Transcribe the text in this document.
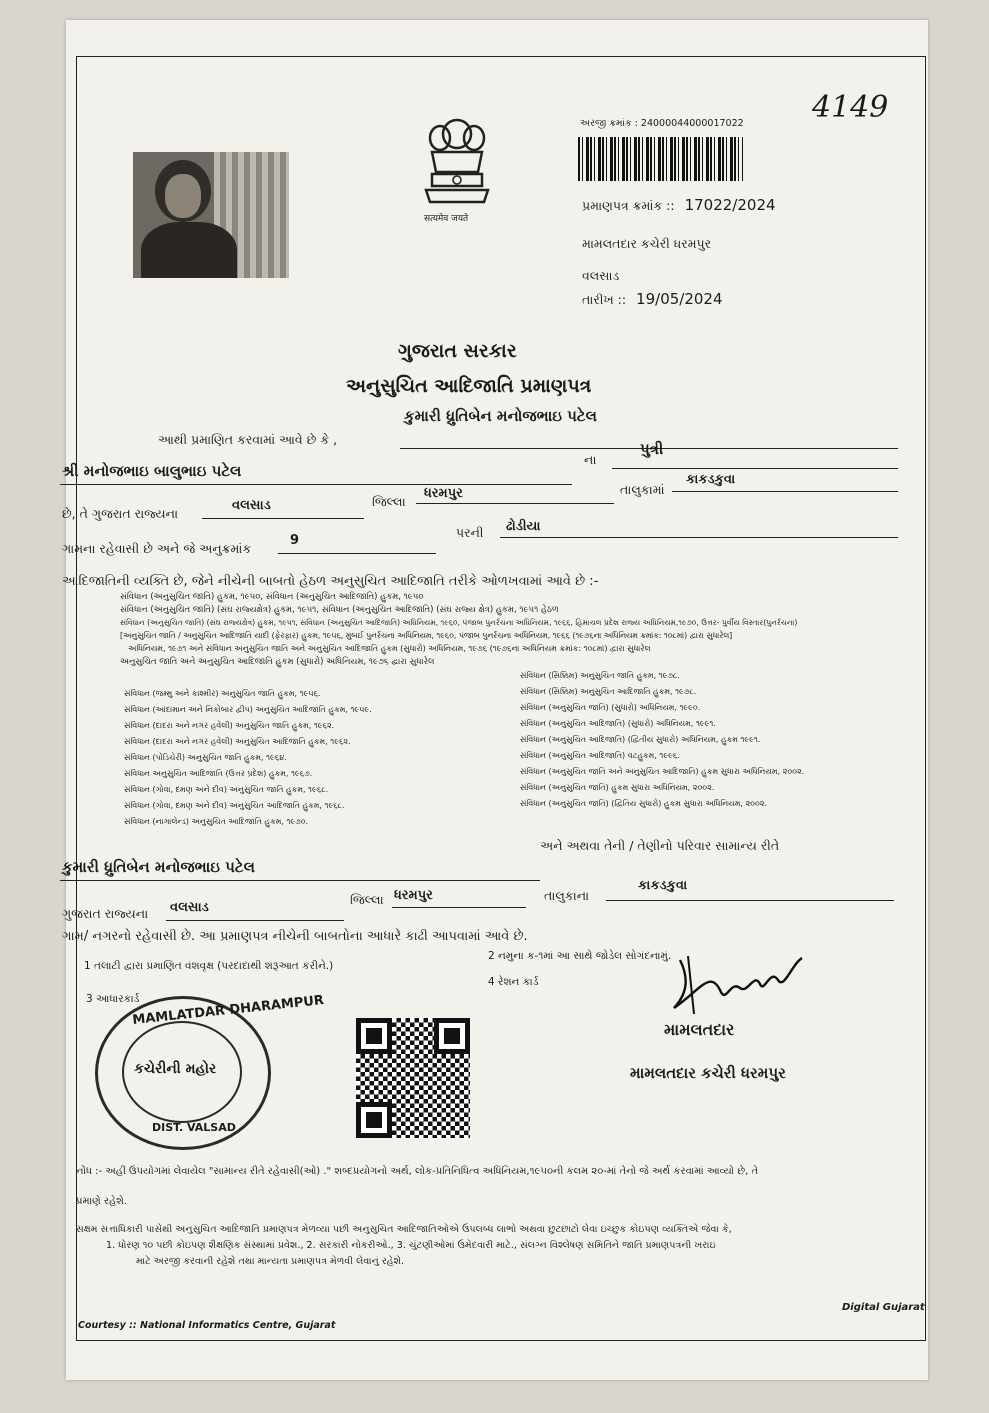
4149
सत्यमेव जयते
અરજી ક્રમાંક : 24000044000017022
પ્રમાણપત્ર ક્રમાંક :: 17022/2024
મામલતદાર કચેરી ધરમપુર
વલસાડ
તારીખ :: 19/05/2024
ગુજરાત સરકાર
અનુસુચિત આદિજાતિ પ્રમાણપત્ર
આથી પ્રમાણિત કરવામાં આવે છે કે ,
કુમારી ધ્રુતિબેન મનોજભાઇ પટેલ
શ્રી મનોજભાઇ બાલુભાઇ પટેલ
ના
પુત્રી
છે, તે ગુજરાત રાજ્યના
વલસાડ	જિલ્લા
ધરમપુર	તાલુકામાં
કાકડકુવા
ગામના રહેવાસી છે અને જે અનુક્રમાંક
9
પરની ઢોડીયા
આદિજાતિની વ્યક્તિ છે, જેને નીચેની બાબતો હેઠળ અનુસુચિત આદિજાતિ તરીકે ઓળખવામાં આવે છે :-
સંવિધાન (અનુસુચિત જાતિ) હુકમ, ૧૯૫૦, સંવિધાન (અનુસુચિત આદિજાતિ) હુકમ, ૧૯૫૦
સંવિધાન (અનુસુચિત જાતિ) (સંઘ રાજ્યક્ષેત્ર) હુકમ, ૧૯૫૧, સંવિધાન (અનુસુચિત આદિજાતિ) (સંઘ રાજ્ય ક્ષેત્ર) હુકમ, ૧૯૫૧ હેઠળ
સંવિધાન (અનુસુચિત જાતિ) (સંઘ રાજ્યક્ષેત્ર) હુકમ, ૧૯૫૧, સંવિધાન (અનુસુચિત આદિજાતિ) અધિનિયમ, ૧૯૬૦, પંજાબ પુનર્રચના અધિનિયમ, ૧૯૬૬, હિમાચલ પ્રદેશ રાજ્ય અધિનિયમ,૧૯૭૦, ઉત્તર- પુર્વીય વિસ્તાર(પુનર્રચના)
[અનુસુચિત જાતિ / અનુસુચિત આદિજાતિ યાદી (ફેરફાર) હુકમ, ૧૯૫૬, મુંબઈ પુનર્રચના અધિનિયમ, ૧૯૬૦, પંજાબ પુનર્રચના અધિનિયમ, ૧૯૬૬ (૧૯૭૬ના અધિનિયમ ક્રમાંક: ૧૦૮માં) દ્વારા સુધારેલ]
અધિનિયમ, ૧૯૭૧ અને સંવિધાન અનુસુચિત જાતિ અને અનુસુચિત આદિજાતિ હુકમ (સુધારો) અધિનિયમ, ૧૯૭૬ (૧૯૭૬ના અધિનિયમ ક્રમાંક: ૧૦૮માં) દ્વારા સુધારેલ
અનુસુચિત જાતિ અને અનુસુચિત આદિજાતિ હુકમ (સુધારો) અધિનિયમ, ૧૯૭૬ દ્વારા સુધારેલ
સંવિધાન (જમ્મુ અને કાશ્મીર) અનુસુચિત જાતિ હુકમ, ૧૯૫૬.
સંવિધાન (આંદામાન અને નિકોબાર દ્વીપ) અનુસુચિત આદિજાતિ હુકમ, ૧૯૫૯.
સંવિધાન (દાદરા અને નગર હવેલી) અનુસુચિત જાતિ હુકમ, ૧૯૬૨.
સંવિધાન (દાદરા અને નગર હવેલી) અનુસુચિત આદિજાતિ હુકમ, ૧૯૬૨.
સંવિધાન (પોંડિચેરી) અનુસુચિત જાતિ હુકમ, ૧૯૬૪.
સંવિધાન અનુસુચિત આદિજાતિ (ઉત્તર પ્રદેશ) હુકમ, ૧૯૬૭.
સંવિધાન (ગોવા, દમણ અને દીવ) અનુસુચિત જાતિ હુકમ, ૧૯૬૮.
સંવિધાન (ગોવા, દમણ અને દીવ) અનુસુચિત આદિજાતિ હુકમ, ૧૯૬૮.
સંવિધાન (નાગાલેન્ડ) અનુસુચિત આદિજાતિ હુકમ, ૧૯૭૦.
સંવિધાન (સિક્કિમ) અનુસુચિત જાતિ હુકમ, ૧૯૭૮.
સંવિધાન (સિક્કિમ) અનુસુચિત આદિજાતિ હુકમ, ૧૯૭૮.
સંવિધાન (અનુસુચિત જાતિ) (સુધારો) અધિનિયમ, ૧૯૯૦.
સંવિધાન (અનુસુચિત આદિજાતિ) (સુધારો) અધિનિયમ, ૧૯૯૧.
સંવિધાન (અનુસુચિત આદિજાતિ) (દ્વિતીય સુધારો) અધિનિયમ, હુકમ ૧૯૯૧.
સંવિધાન (અનુસુચિત આદિજાતિ) વટહુકમ, ૧૯૯૬.
સંવિધાન (અનુસુચિત જાતિ અને અનુસુચિત આદિજાતિ) હુકમ સુધારા અધિનિયમ, ૨૦૦૨.
સંવિધાન (અનુસુચિત જાતિ) હુકમ સુધારા અધિનિયમ, ૨૦૦૨.
સંવિધાન (અનુસુચિત જાતિ) (દ્વિતિય સુધારો) હુકમ સુધારા અધિનિયમ, ૨૦૦૨.
અને અથવા તેની / તેણીનો પરિવાર સામાન્ય રીતે
કુમારી ધ્રુતિબેન મનોજભાઇ પટેલ
જિલ્લા ધરમપુર	તાલુકાના
કાકડકુવા
ગુજરાત રાજ્યના વલસાડ
ગામ/ નગરનો રહેવાસી છે. આ પ્રમાણપત્ર નીચેની બાબતોના આધારે કાઢી આપવામાં આવે છે.
1 તલાટી દ્વારા પ્રમાણિત વંશવૃક્ષ (પરદાદાથી શરૂઆત કરીને.)
2 નમુના ક-૧માં આ સાથે જોડેલ સોગંદનામું.
3 આધારકાર્ડ
4 રેશન કાર્ડ
MAMLATDAR DHARAMPUR
કચેરીની મહોર
DIST. VALSAD
મામલતદાર
મામલતદાર કચેરી ધરમપુર
નોંધ :- અહીં ઉપયોગમાં લેવાયેલ "સામાન્ય રીતે રહેવાસી(ઓ) ." શબ્દપ્રયોગનો અર્થ, લોક-પ્રતિનિધિત્વ અધિનિયમ,૧૯૫૦ની કલમ ૨૦-માં તેનો જે અર્થ કરવામાં આવ્યો છે, તે
પ્રમાણે રહેશે.
સક્ષમ સત્તાધિકારી પાસેથી અનુસુચિત આદિજાતિ પ્રમાણપત્ર મેળવ્યા પછી અનુસુચિત આદિજાતિઓએ ઉપલબ્ધ લાભો અથવા છુટછાટો લેવા ઇચ્છુક કોઇપણ વ્યક્તિએ જેવા કે,
1. ધોરણ ૧૦ પછી કોઇપણ શૈક્ષણિક સંસ્થામાં પ્રવેશ., 2. સરકારી નોકરીઓ., 3. ચુંટણીઓમાં ઉમેદવારી માટે., સંલગ્ન વિશ્લેષણ સમિતિને જાતિ પ્રમાણપત્રની ખરાઇ
માટે અરજી કરવાની રહેશે તથા માન્યતા પ્રમાણપત્ર મેળવી લેવાનું રહેશે.
Courtesy :: National Informatics Centre, Gujarat
Digital Gujarat
